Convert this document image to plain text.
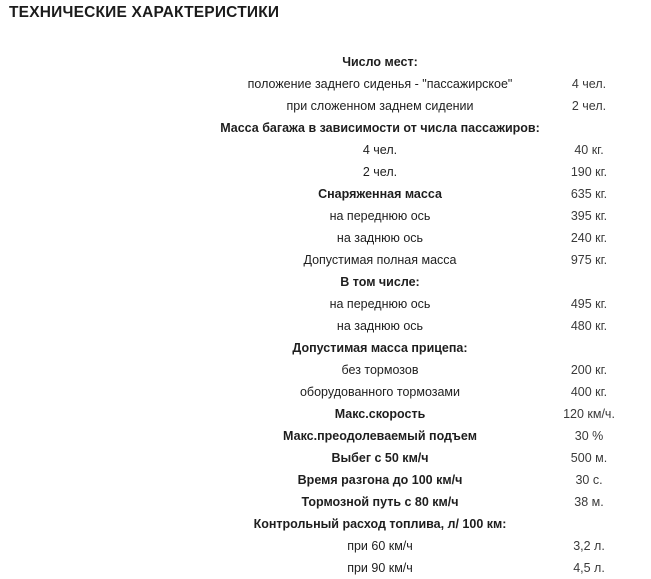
ТЕХНИЧЕСКИЕ ХАРАКТЕРИСТИКИ
Число мест:
положение заднего сиденья - "пассажирское"	4 чел.
при сложенном заднем сидении	2 чел.
Масса багажа в зависимости от числа пассажиров:
4 чел.	40 кг.
2 чел.	190 кг.
Снаряженная масса	635 кг.
на переднюю ось	395 кг.
на заднюю ось	240 кг.
Допустимая полная масса	975 кг.
В том числе:
на переднюю ось	495 кг.
на заднюю ось	480 кг.
Допустимая масса прицепа:
без тормозов	200 кг.
оборудованного тормозами	400 кг.
Макс.скорость	120 км/ч.
Макс.преодолеваемый подъем	30 %
Выбег с 50 км/ч	500 м.
Время разгона до 100 км/ч	30 с.
Тормозной путь с 80 км/ч	38 м.
Контрольный расход топлива, л/ 100 км:
при 60 км/ч	3,2 л.
при 90 км/ч	4,5 л.
